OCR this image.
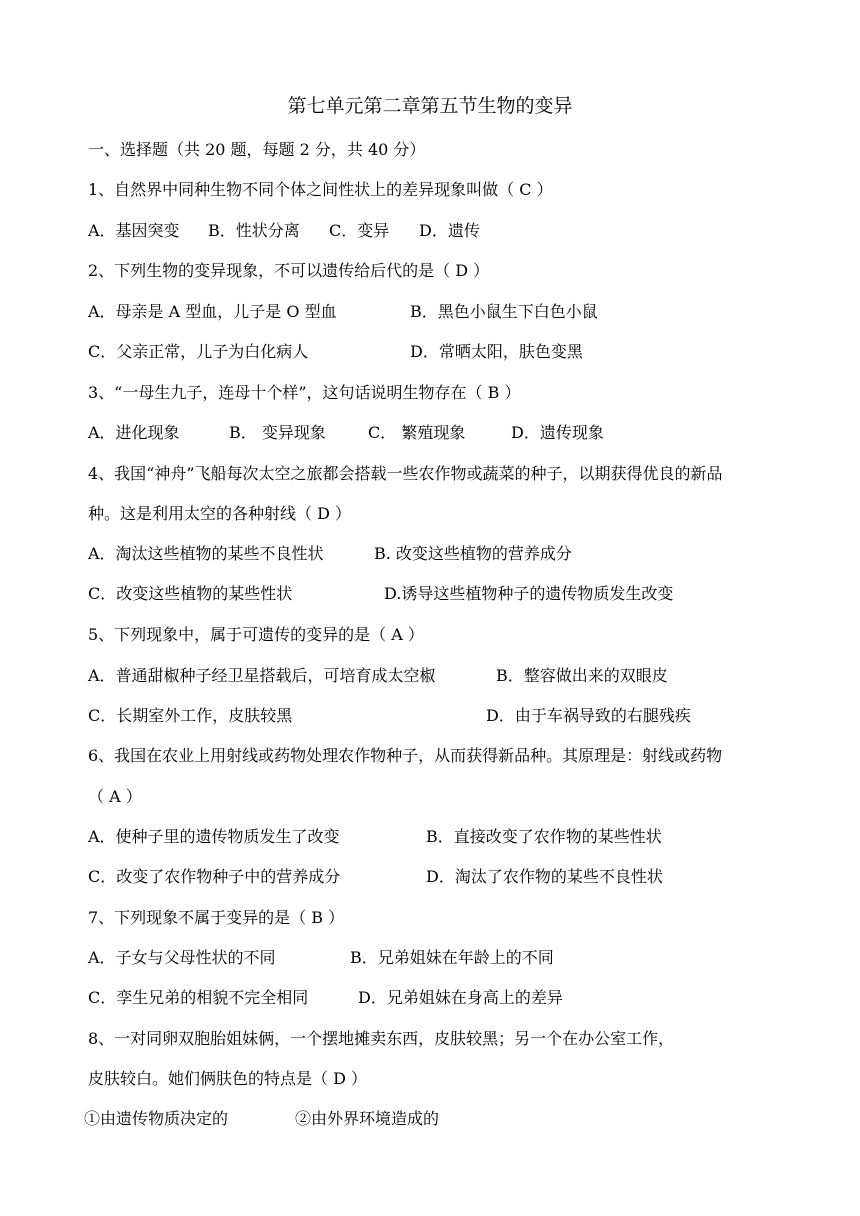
第七单元第二章第五节生物的变异
一、选择题（共 20 题，每题 2 分，共 40 分）
1、自然界中同种生物不同个体之间性状上的差异现象叫做（ C ）
A．基因突变 B．性状分离 C．变异 D．遗传
2、下列生物的变异现象，不可以遗传给后代的是（ D ）
A．母亲是 A 型血，儿子是 O 型血	B．黑色小鼠生下白色小鼠
C．父亲正常，儿子为白化病人	D．常晒太阳，肤色变黑
3、“一母生九子，连母十个样”，这句话说明生物存在（ B ）
A．进化现象	B． 变异现象	C． 繁殖现象	D．遗传现象
4、我国“神舟”飞船每次太空之旅都会搭载一些农作物或蔬菜的种子，以期获得优良的新品
种。这是利用太空的各种射线（ D ）
A．淘汰这些植物的某些不良性状	B. 改变这些植物的营养成分
C．改变这些植物的某些性状	D.诱导这些植物种子的遗传物质发生改变
5、下列现象中，属于可遗传的变异的是（ A ）
A．普通甜椒种子经卫星搭载后，可培育成太空椒	B．整容做出来的双眼皮
C．长期室外工作，皮肤较黑	D．由于车祸导致的右腿残疾
6、我国在农业上用射线或药物处理农作物种子，从而获得新品种。其原理是：射线或药物
（ A ）
A．使种子里的遗传物质发生了改变	B．直接改变了农作物的某些性状
C．改变了农作物种子中的营养成分	D．淘汰了农作物的某些不良性状
7、下列现象不属于变异的是（ B ）
A．子女与父母性状的不同	B．兄弟姐妹在年龄上的不同
C．孪生兄弟的相貌不完全相同	D．兄弟姐妹在身高上的差异
8、一对同卵双胞胎姐妹俩，一个摆地摊卖东西，皮肤较黑；另一个在办公室工作，
皮肤较白。她们俩肤色的特点是（ D ）
①由遗传物质决定的	②由外界环境造成的
